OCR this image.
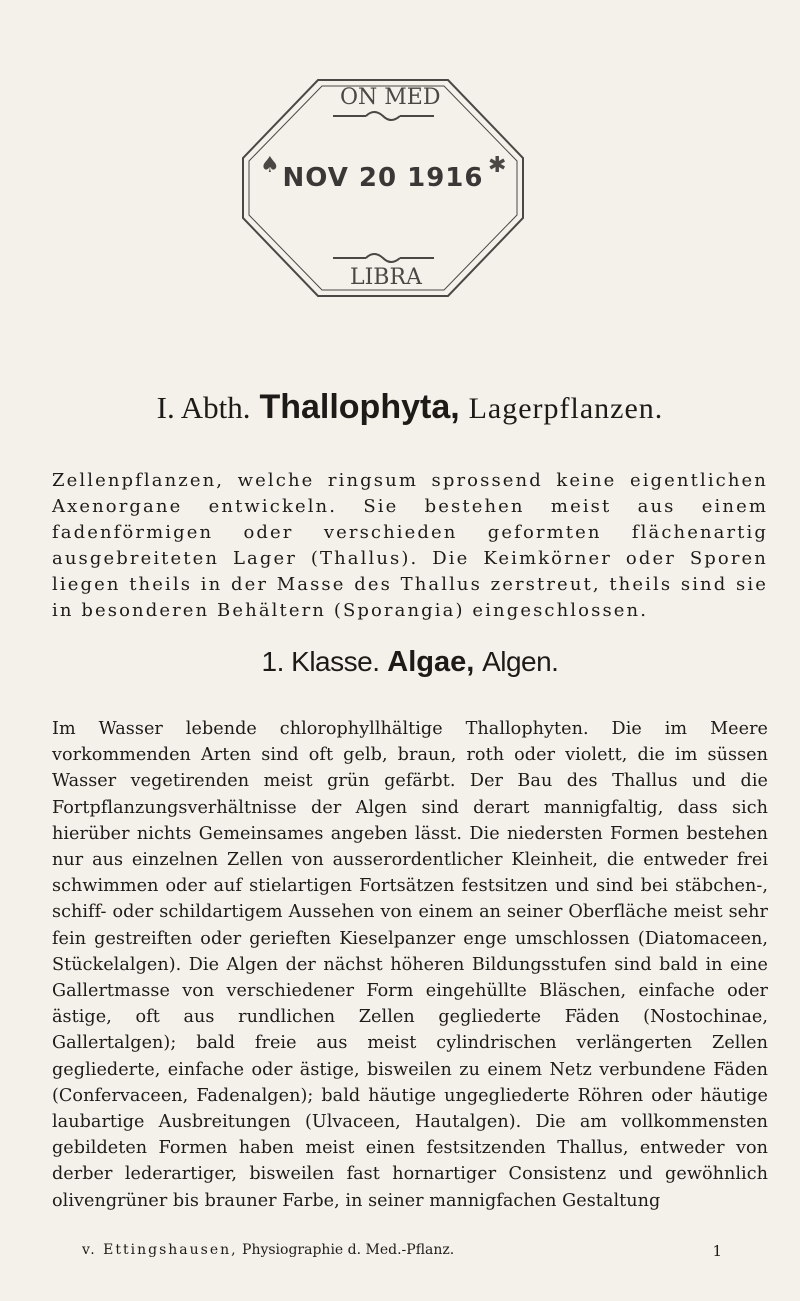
ON MED
LIBRA
♠	✱
NOV 20 1916
I. Abth. Thallophyta, Lagerpflanzen.

Zellenpflanzen, welche ringsum sprossend keine eigentlichen Axenorgane entwickeln. Sie bestehen meist aus einem fadenförmigen oder verschieden geformten flächenartig ausgebreiteten Lager (Thallus). Die Keimkörner oder Sporen liegen theils in der Masse des Thallus zerstreut, theils sind sie in besonderen Behältern (Sporangia) eingeschlossen.

1. Klasse. Algae, Algen.

Im Wasser lebende chlorophyllhältige Thallophyten. Die im Meere vorkommenden Arten sind oft gelb, braun, roth oder violett, die im süssen Wasser vegetirenden meist grün gefärbt. Der Bau des Thallus und die Fortpflanzungsverhältnisse der Algen sind derart mannigfaltig, dass sich hierüber nichts Gemeinsames angeben lässt. Die niedersten Formen bestehen nur aus einzelnen Zellen von ausserordentlicher Kleinheit, die entweder frei schwimmen oder auf stielartigen Fortsätzen festsitzen und sind bei stäbchen-, schiff- oder schildartigem Aussehen von einem an seiner Oberfläche meist sehr fein gestreiften oder gerieften Kieselpanzer enge umschlossen (Diatomaceen, Stückelalgen). Die Algen der nächst höheren Bildungsstufen sind bald in eine Gallertmasse von verschiedener Form eingehüllte Bläschen, einfache oder ästige, oft aus rundlichen Zellen gegliederte Fäden (Nostochinae, Gallertalgen); bald freie aus meist cylindrischen verlängerten Zellen gegliederte, einfache oder ästige, bisweilen zu einem Netz verbundene Fäden (Confervaceen, Fadenalgen); bald häutige ungegliederte Röhren oder häutige laubartige Ausbreitungen (Ulvaceen, Hautalgen). Die am vollkommensten gebildeten Formen haben meist einen festsitzenden Thallus, entweder von derber lederartiger, bisweilen fast hornartiger Consistenz und gewöhnlich olivengrüner bis brauner Farbe, in seiner mannigfachen Gestaltung

v. Ettingshausen, Physiographie d. Med.-Pflanz.	1
